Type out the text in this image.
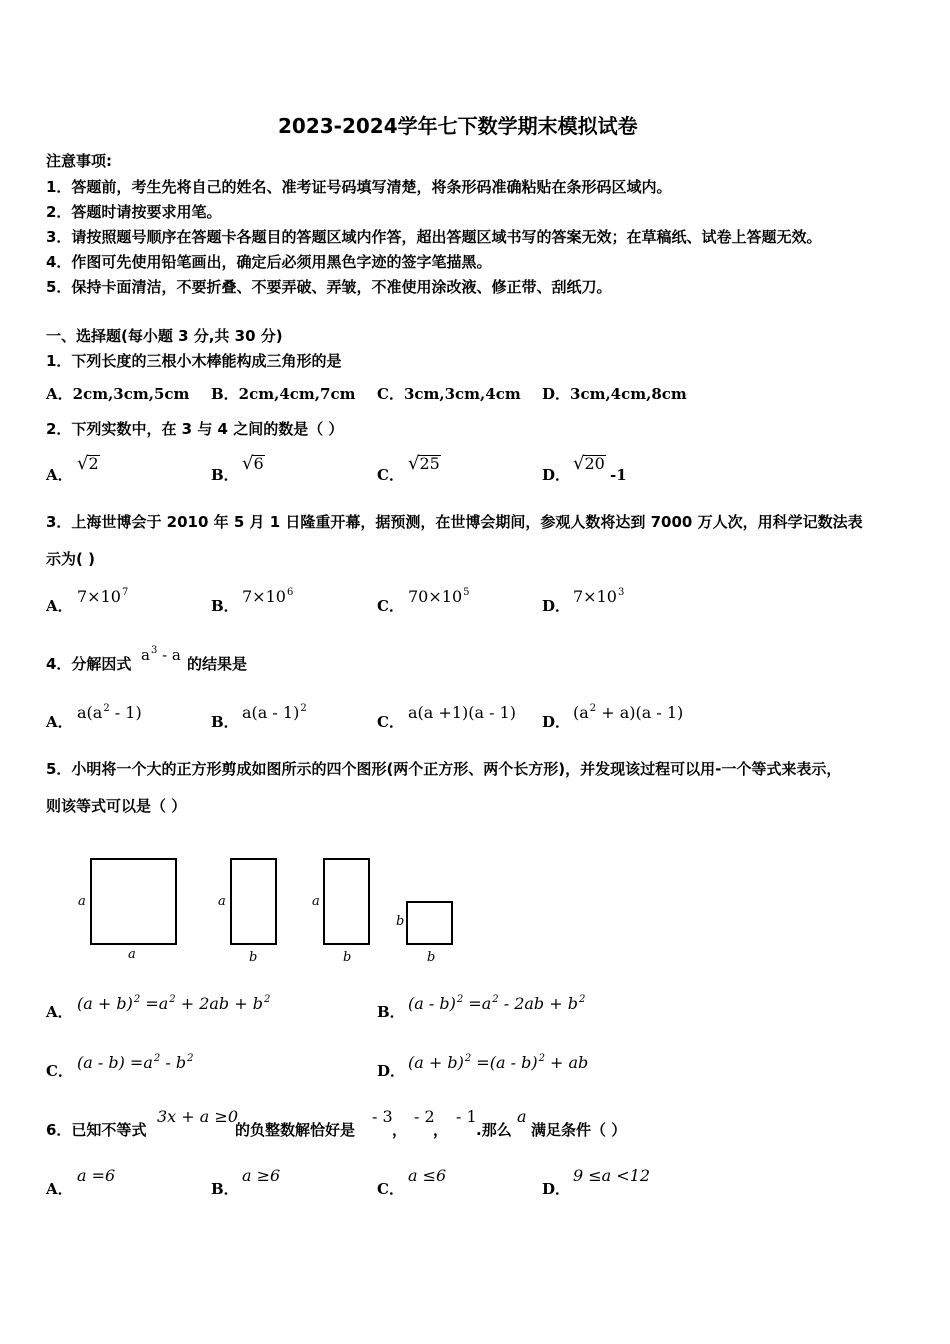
2023-2024学年七下数学期末模拟试卷
注意事项:
1．答题前，考生先将自己的姓名、准考证号码填写清楚，将条形码准确粘贴在条形码区域内。
2．答题时请按要求用笔。
3．请按照题号顺序在答题卡各题目的答题区域内作答，超出答题区域书写的答案无效；在草稿纸、试卷上答题无效。
4．作图可先使用铅笔画出，确定后必须用黑色字迹的签字笔描黑。
5．保持卡面清洁，不要折叠、不要弄破、弄皱，不准使用涂改液、修正带、刮纸刀。
一、选择题(每小题 3 分,共 30 分)
1．下列长度的三根小木棒能构成三角形的是
A．2cm,3cm,5cm B．2cm,4cm,7cm C．3cm,3cm,4cm D．3cm,4cm,8cm
2．下列实数中，在 3 与 4 之间的数是（ ）
A．
√2
B．
√6
C．
√25
D．
√20
-1
3．上海世博会于 2010 年 5 月 1 日隆重开幕，据预测，在世博会期间，参观人数将达到 7000 万人次，用科学记数法表
示为( )
A． $7\times 10^7$
B． $7\times 10^6$
C． $70\times 10^5$
D． $7\times 10^3$
4．分解因式 $a^3$ - a 的结果是
A． $a(a^2 - 1)$	B． a(a - 1)$^2$
C． a(a +1)(a - 1) D． $(a^2 + a)(a - 1)$
5．小明将一个大的正方形剪成如图所示的四个图形(两个正方形、两个长方形)，并发现该过程可以用-一个等式来表示，
则该等式可以是（ ）
a
a
a
b
a
b
b
b
A． $(a + b)^2 =a^2 + 2ab + b^2$
B． $(a - b)^2 =a^2 - 2ab + b^2$
C． $(a - b) =a^2 - b^2$
D． $(a + b)^2 =(a - b)^2$ + ab
6．已知不等式
3x + a ≥0
的负整数解恰好是
- 3
，
- 2
，
- 1
.那么
a
满足条件（ ）
A．
a =6
B．
a ≥6
C．
a ≤6
D．
9 ≤a <12
